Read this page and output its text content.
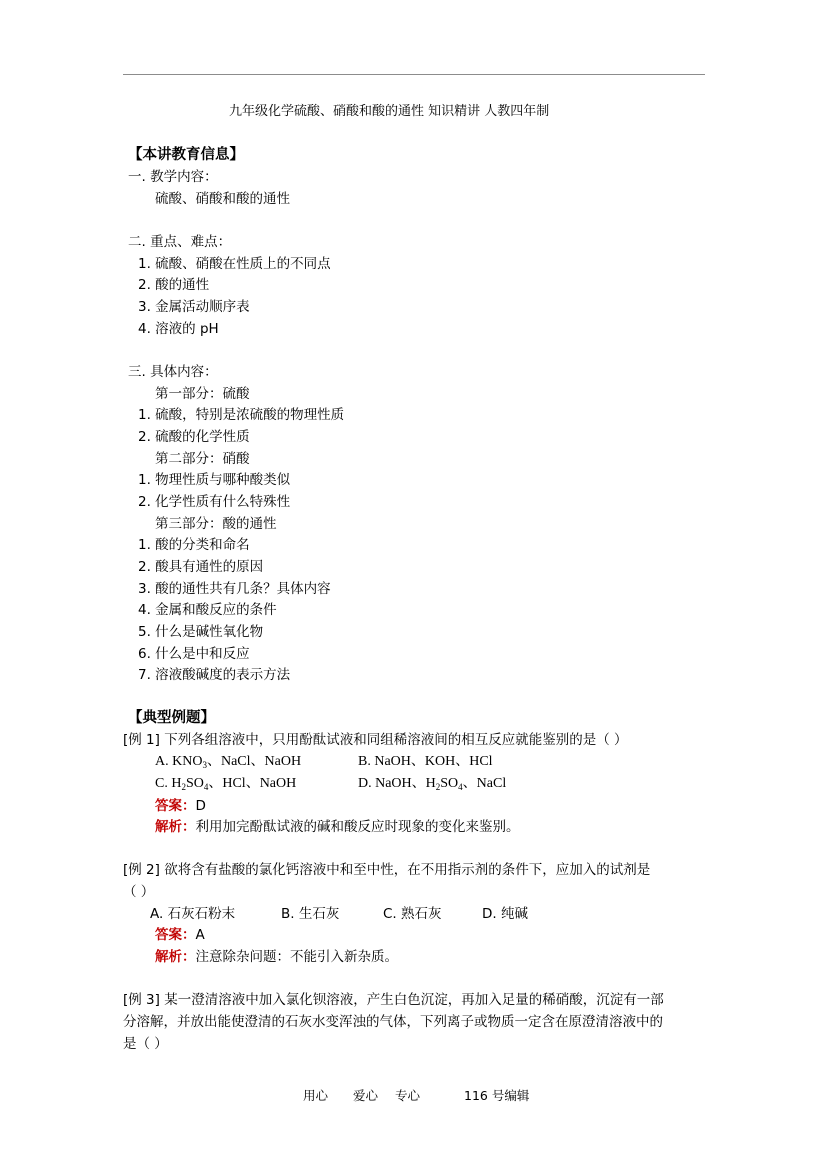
九年级化学硫酸、硝酸和酸的通性 知识精讲 人教四年制
【本讲教育信息】
一. 教学内容：
硫酸、硝酸和酸的通性
二. 重点、难点：
1. 硫酸、硝酸在性质上的不同点
2. 酸的通性
3. 金属活动顺序表
4. 溶液的 pH
三. 具体内容：
第一部分：硫酸
1. 硫酸，特别是浓硫酸的物理性质
2. 硫酸的化学性质
第二部分：硝酸
1. 物理性质与哪种酸类似
2. 化学性质有什么特殊性
第三部分：酸的通性
1. 酸的分类和命名
2. 酸具有通性的原因
3. 酸的通性共有几条？具体内容
4. 金属和酸反应的条件
5. 什么是碱性氧化物
6. 什么是中和反应
7. 溶液酸碱度的表示方法
【典型例题】
[例 1] 下列各组溶液中，只用酚酞试液和同组稀溶液间的相互反应就能鉴别的是（ ）
A. $KNO_3$、NaCl、NaOH	B. NaOH、KOH、HCl
C. $H_2SO_4$、HCl、NaOH	D. NaOH、$H_2SO_4$、NaCl
答案：D
解析：利用加完酚酞试液的碱和酸反应时现象的变化来鉴别。
[例 2] 欲将含有盐酸的氯化钙溶液中和至中性，在不用指示剂的条件下，应加入的试剂是
（ ）
A. 石灰石粉末	B. 生石灰	C. 熟石灰	D. 纯碱
答案：A
解析：注意除杂问题：不能引入新杂质。
[例 3] 某一澄清溶液中加入氯化钡溶液，产生白色沉淀，再加入足量的稀硝酸，沉淀有一部
分溶解，并放出能使澄清的石灰水变浑浊的气体，下列离子或物质一定含在原澄清溶液中的
是（ ）
用心 爱心 专心	116 号编辑
